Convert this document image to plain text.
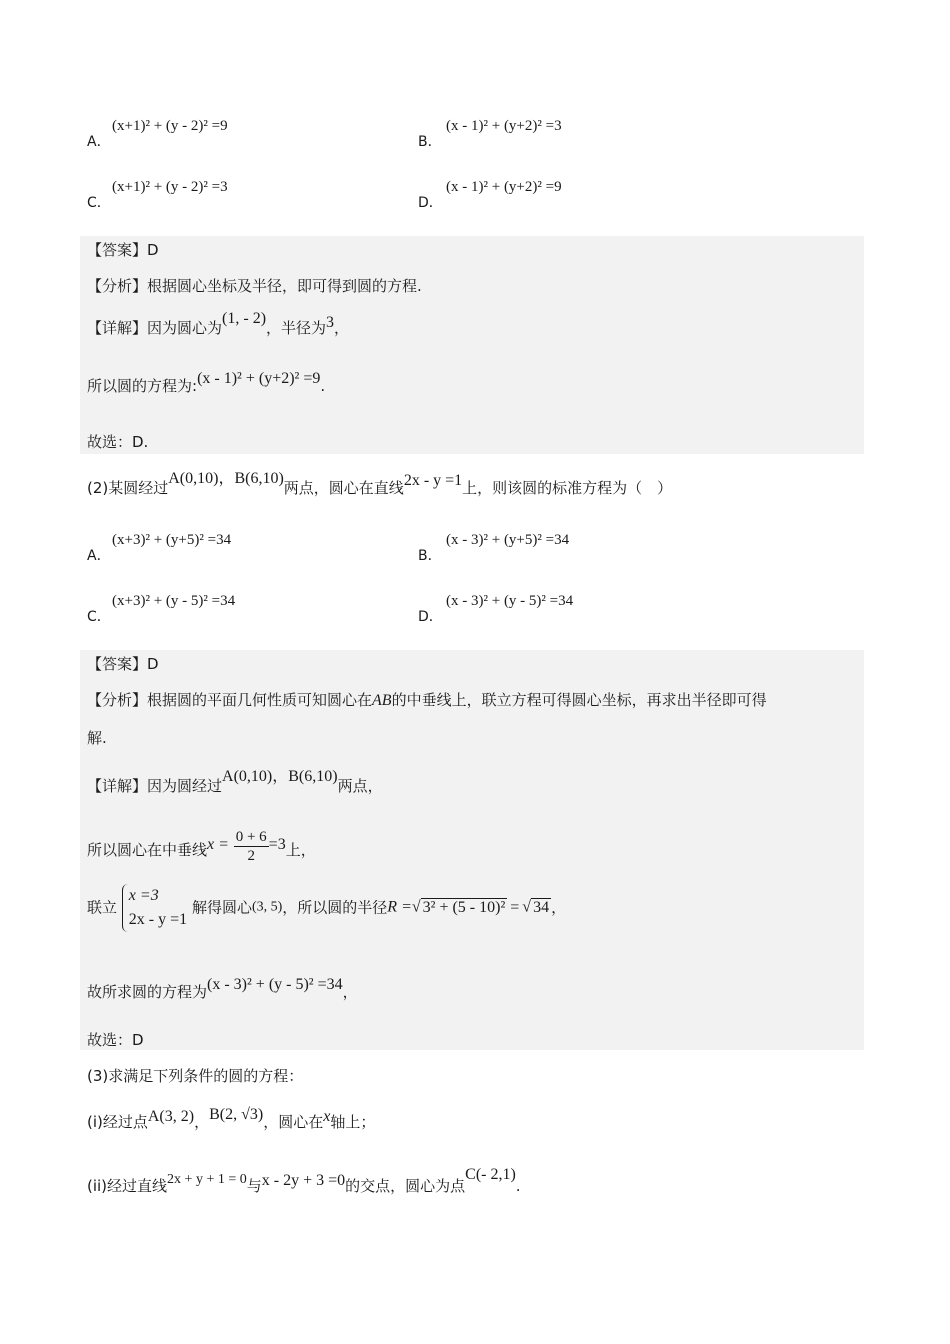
A．
(x+1)² + (y - 2)² =9
B．
(x - 1)² + (y+2)² =3
C．
(x+1)² + (y - 2)² =3
D．
(x - 1)² + (y+2)² =9
【答案】D
【分析】根据圆心坐标及半径，即可得到圆的方程.
【详解】因为圆心为(1, - 2)，半径为3，
所以圆的方程为:(x - 1)² + (y+2)² =9.
故选：D.
(2)某圆经过A(0,10)，B(6,10)两点，圆心在直线2x - y =1上，则该圆的标准方程为（　）
A．
(x+3)² + (y+5)² =34
B．
(x - 3)² + (y+5)² =34
C．
(x+3)² + (y - 5)² =34
D．
(x - 3)² + (y - 5)² =34
【答案】D
【分析】根据圆的平面几何性质可知圆心在AB的中垂线上，联立方程可得圆心坐标，再求出半径即可得
解.
【详解】因为圆经过A(0,10)，B(6,10)两点，
所以圆心在中垂线$x = \frac{0 + 6}{2} =3$上，
联立
x =3
2x - y =1
解得圆心(3, 5)，所以圆的半径R =√ 3² + (5 - 10)² = √ 34 ，
故所求圆的方程为(x - 3)² + (y - 5)² =34，
故选：D
(3)求满足下列条件的圆的方程：
(i)经过点A(3, 2)，B(2, √3)，圆心在x轴上；
(ii)经过直线2x + y + 1 = 0与x - 2y + 3 =0的交点，圆心为点C(- 2,1).
